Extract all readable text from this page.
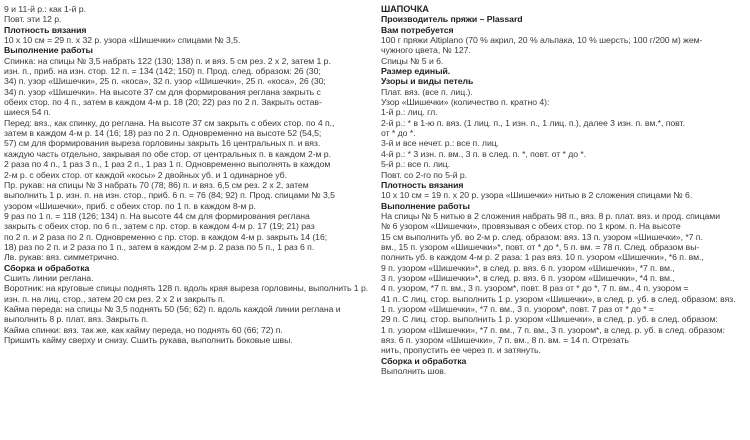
9 и 11-й р.: как 1-й р.

Повт. эти 12 р.

Плотность вязания

10 х 10 см = 29 п. х 32 р. узора «Шишечки» спицами № 3,5.

Выполнение работы

Спинка: на спицы № 3,5 набрать 122 (130; 138) п. и вяз. 5 см рез. 2 х 2, затем 1 р.

изн. п., приб. на изн. стор. 12 п. = 134 (142; 150) п. Прод. след. образом: 26 (30;

34) п. узор «Шишечки», 25 п. «коса», 32 п. узор «Шишечки», 25 п. «коса», 26 (30;

34) п. узор «Шишечки». На высоте 37 см для формирования реглана закрыть с

обеих стор. по 4 п., затем в каждом 4-м р. 18 (20; 22) раз по 2 п. Закрыть остав-

шиеся 54 п.

Перед: вяз., как спинку, до реглана. На высоте 37 см закрыть с обеих стор. по 4 п.,

затем в каждом 4-м р. 14 (16; 18) раз по 2 п. Одновременно на высоте 52 (54,5;

57) см для формирования выреза горловины закрыть 16 центральных п. и вяз.

каждую часть отдельно, закрывая по обе стор. от центральных п. в каждом 2-м р.

2 раза по 4 п., 1 раз 3 п., 1 раз 2 п., 1 раз 1 п. Одновременно выполнять в каждом

2-м р. с обеих стор. от каждой «косы» 2 двойных уб. и 1 одинарное уб.

Пр. рукав: на спицы № 3 набрать 70 (78; 86) п. и вяз. 6,5 см рез. 2 х 2, затем

выполнить 1 р. изн. п. на изн. стор., приб. 6 п. = 76 (84; 92) п. Прод. спицами № 3,5

узором «Шишечки», приб. с обеих стор. по 1 п. в каждом 8-м р.

9 раз по 1 п. = 118 (126; 134) п. На высоте 44 см для формирования реглана

закрыть с обеих стор. по 6 п., затем с пр. стор. в каждом 4-м р. 17 (19; 21) раз

по 2 п. и 2 раза по 2 п. Одновременно с пр. стор. в каждом 4-м р. закрыть 14 (16;

18) раз по 2 п. и 2 раза по 1 п., затем в каждом 2-м р. 2 раза по 5 п., 1 раз 6 п.

Лв. рукав: вяз. симметрично.

Сборка и обработка

Сшить линии реглана.

Воротник: на круговые спицы поднять 128 п. вдоль края выреза горловины, выполнить 1 р.

изн. п. на лиц. стор., затем 20 см рез. 2 х 2 и закрыть п.

Кайма переда: на спицы № 3,5 поднять 50 (56; 62) п. вдоль каждой линии реглана и

выполнить 8 р. плат. вяз. Закрыть п.

Кайма спинки: вяз. так же, как кайму переда, но поднять 60 (66; 72) п.

Пришить кайму сверху и снизу. Сшить рукава, выполнить боковые швы.

ШАПОЧКА

Производитель пряжи – Plassard

Вам потребуется

100 г пряжи Altiplano (70 % акрил, 20 % альпака, 10 % шерсть; 100 г/200 м) жем-

чужного цвета, № 127.

Спицы № 5 и 6.

Размер единый.

Узоры и виды петель

Плат. вяз. (все п. лиц.).

Узор «Шишечки» (количество п. кратно 4):

1-й р.: лиц. гл.

2-й р.: * в 1-ю п. вяз. (1 лиц. п., 1 изн. п., 1 лиц. п.), далее 3 изн. п. вм.*, повт.

от * до *.

3-й и все нечет. р.: все п. лиц.

4-й р.: * 3 изн. п. вм., 3 п. в след. п. *, повт. от * до *.

5-й р.: все п. лиц.

Повт. со 2-го по 5-й р.

Плотность вязания

10 х 10 см = 19 п. х 20 р. узора «Шишечки» нитью в 2 сложения спицами № 6.

Выполнение работы

На спицы № 5 нитью в 2 сложения набрать 98 п., вяз. 8 р. плат. вяз. и прод. спицами

№ 6 узором «Шишечки», провязывая с обеих стор. по 1 кром. п. На высоте

15 см выполнить уб. во 2-м р. след. образом: вяз. 13 п. узором «Шишечки», *7 п.

вм., 15 п. узором «Шишечки»*, повт. от * до *, 5 п. вм. = 78 п. След. образом вы-

полнить уб. в каждом 4-м р. 2 раза: 1 раз вяз. 10 п. узором «Шишечки», *6 п. вм.,

9 п. узором «Шишечки»*, в след. р. вяз. 6 п. узором «Шишечки», *7 п. вм.,

3 п. узором «Шишечки»*, в след. р. вяз. 6 п. узором «Шишечки», *4 п. вм.,

4 п. узором, *7 п. вм., 3 п. узором*, повт. 8 раз от * до *, 7 п. вм., 4 п. узором =

41 п. С лиц. стор. выполнить 1 р. узором «Шишечки», в след. р. уб. в след. образом: вяз.

1 п. узором «Шишечки», *7 п. вм., 3 п. узором*, повт. 7 раз от * до * =

29 п. С лиц. стор. выполнить 1 р. узором «Шишечки», в след. р. уб. в след. образом:

1 п. узором «Шишечки», *7 п. вм., 7 п. вм., 3 п. узором*, в след. р. уб. в след. образом:

вяз. 6 п. узором «Шишечки», 7 п. вм., 8 п. вм. = 14 п. Отрезать

нить, пропустить ее через п. и затянуть.

Сборка и обработка

Выполнить шов.
